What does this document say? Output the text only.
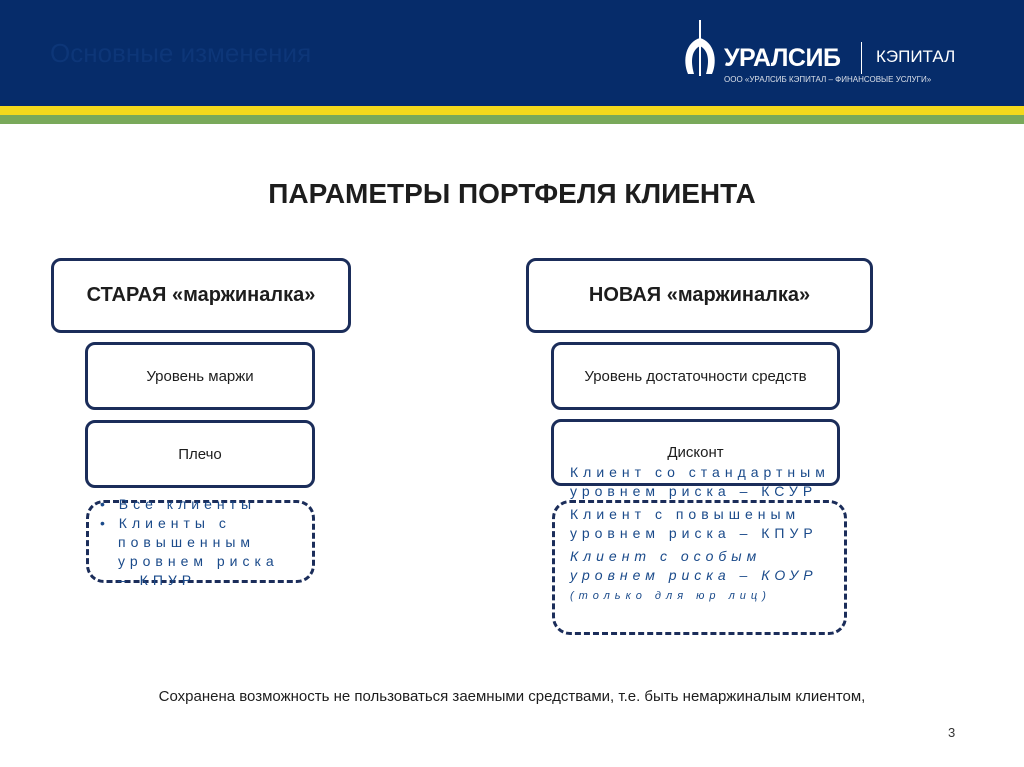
Основные изменения	УРАЛСИБ КЭПИТАЛ
ООО «УРАЛСИБ КЭПИТАЛ – ФИНАНСОВЫЕ УСЛУГИ»
ПАРАМЕТРЫ ПОРТФЕЛЯ КЛИЕНТА
СТАРАЯ «маржиналка»
Уровень маржи
Плечо
• Все клиенты
• Клиенты с повышенным уровнем риска – КПУР
НОВАЯ «маржиналка»
Уровень достаточности средств
Дисконт
Клиент со стандартным уровнем риска – КСУР
Клиент с повышеным уровнем риска – КПУР
Клиент с особым уровнем риска – КОУР (только для юр лиц)
Сохранена возможность не пользоваться заемными средствами, т.е. быть немаржиналым клиентом,
3
